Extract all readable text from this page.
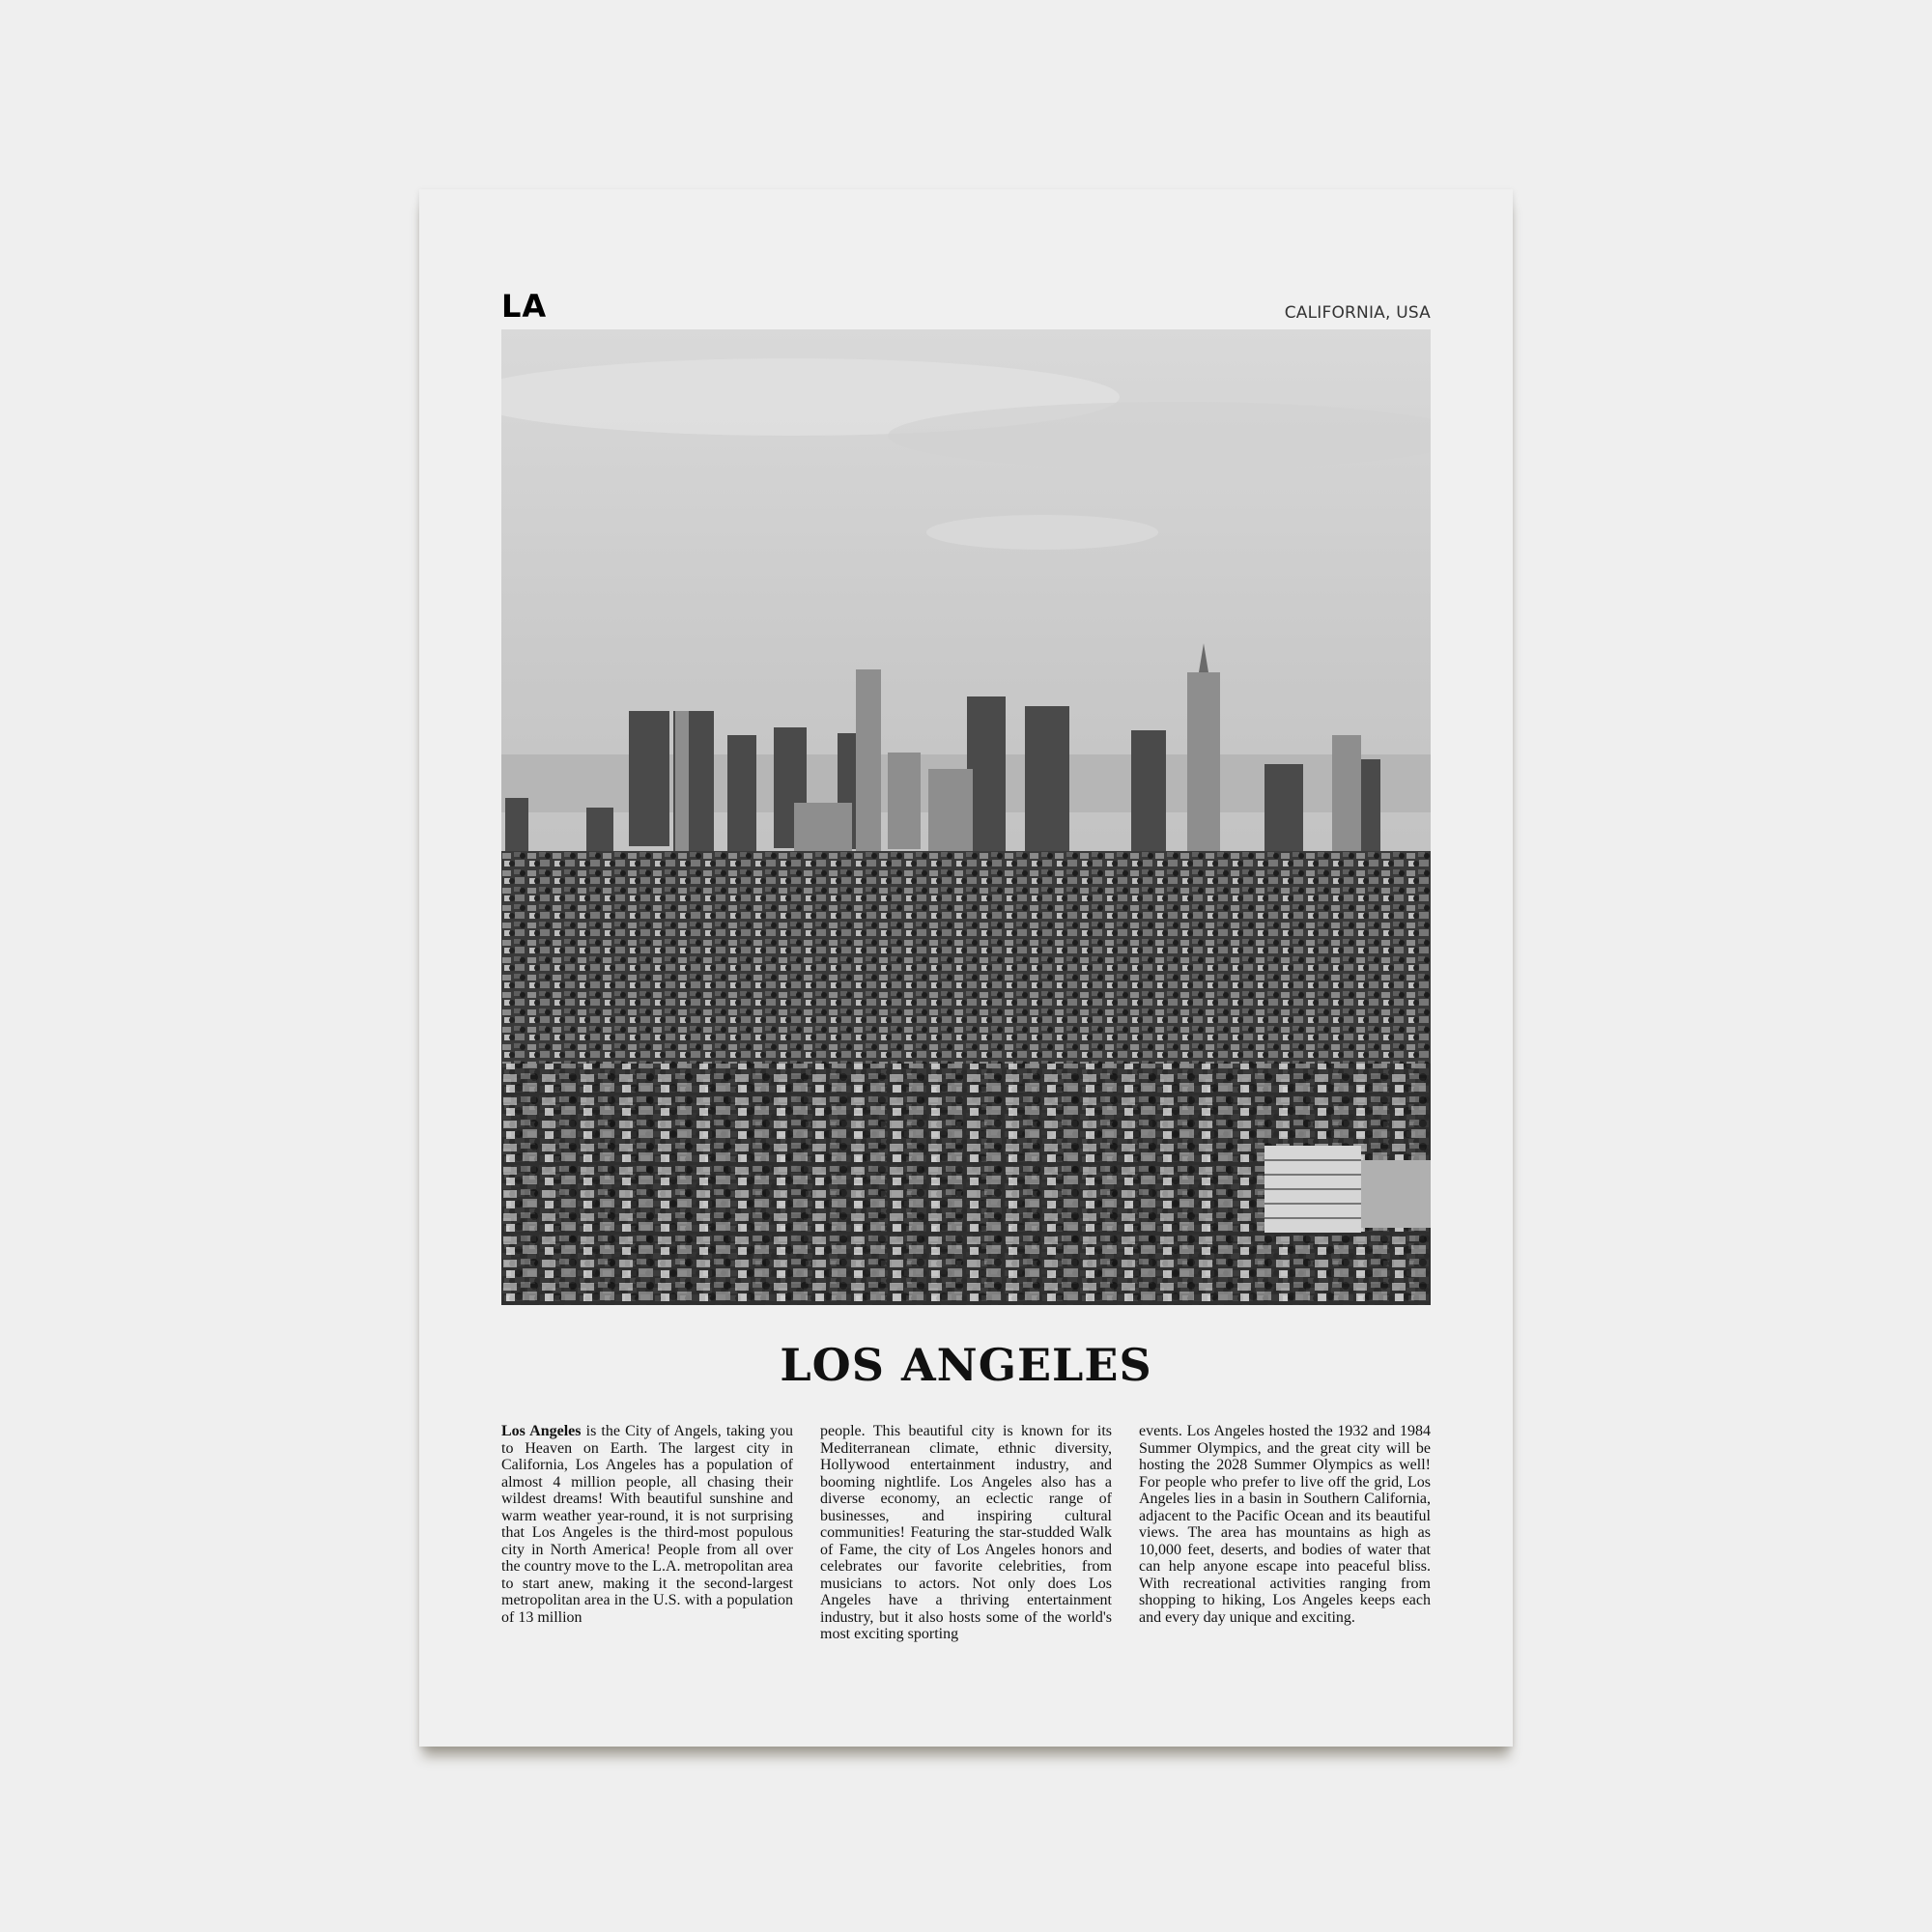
LA	CALIFORNIA, USA
LOS ANGELES
Los Angeles is the City of Angels, taking you to Heaven on Earth. The largest city in California, Los Angeles has a population of almost 4 million people, all chasing their wildest dreams! With beautiful sunshine and warm weather year-round, it is not surprising that Los Angeles is the third-most populous city in North America! People from all over the country move to the L.A. metropolitan area to start anew, making it the second-largest metropolitan area in the U.S. with a population of 13 million
people. This beautiful city is known for its Mediterranean climate, ethnic diversity, Hollywood entertainment industry, and booming nightlife. Los Angeles also has a diverse economy, an eclectic range of businesses, and inspiring cultural communities! Featuring the star-studded Walk of Fame, the city of Los Angeles honors and celebrates our favorite celebrities, from musicians to actors. Not only does Los Angeles have a thriving entertainment industry, but it also hosts some of the world's most exciting sporting
events. Los Angeles hosted the 1932 and 1984 Summer Olympics, and the great city will be hosting the 2028 Summer Olympics as well! For people who prefer to live off the grid, Los Angeles lies in a basin in Southern California, adjacent to the Pacific Ocean and its beautiful views. The area has mountains as high as 10,000 feet, deserts, and bodies of water that can help anyone escape into peaceful bliss. With recreational activities ranging from shopping to hiking, Los Angeles keeps each and every day unique and exciting.
